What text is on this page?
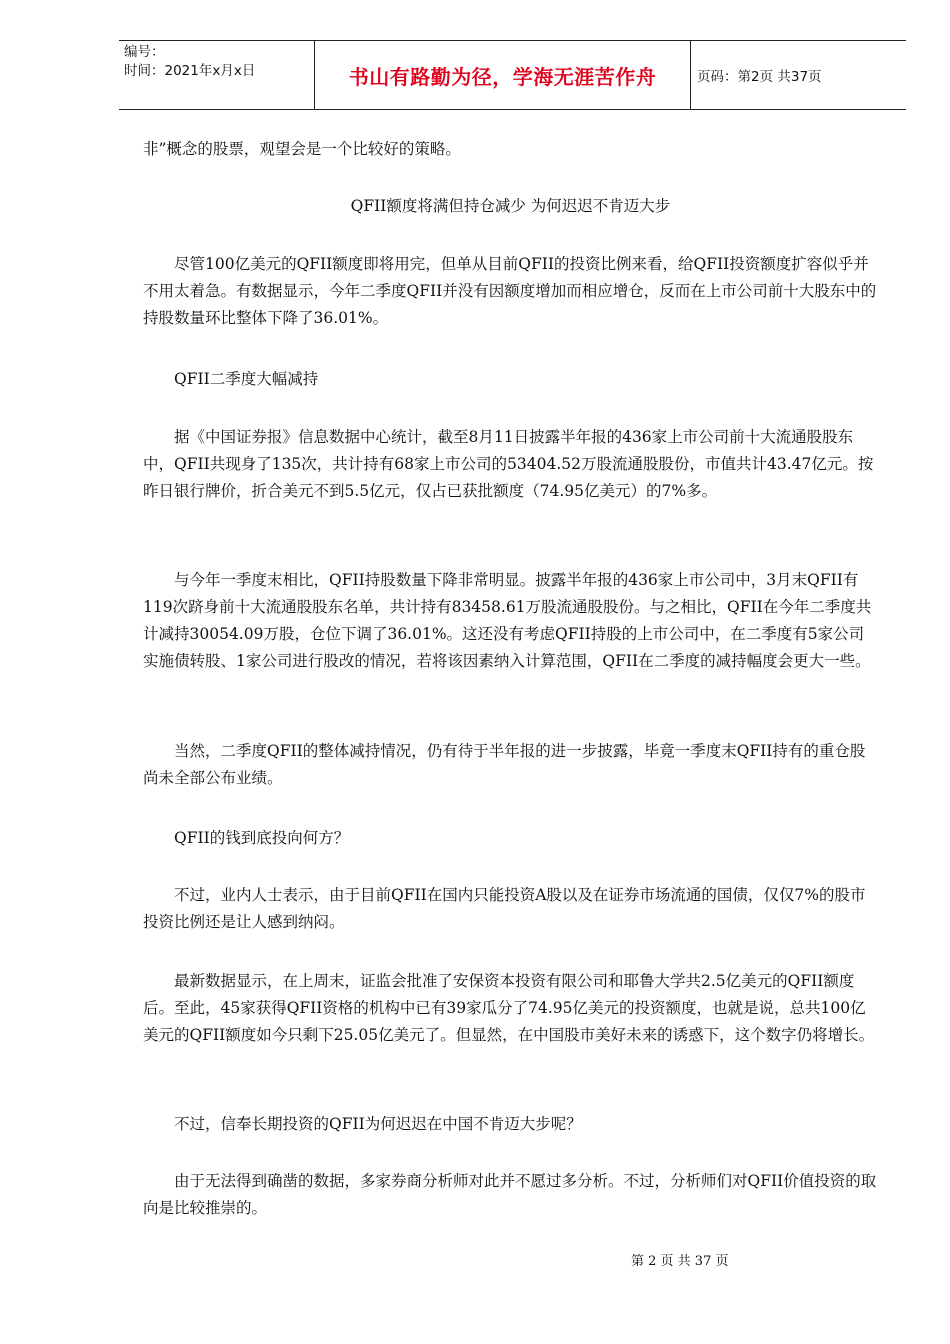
编号：
时间：2021年x月x日	书山有路勤为径，学海无涯苦作舟	页码：第2页 共37页

非”概念的股票，观望会是一个比较好的策略。

QFII额度将满但持仓减少 为何迟迟不肯迈大步

尽管100亿美元的QFII额度即将用完，但单从目前QFII的投资比例来看，给QFII投资额度扩容似乎并不用太着急。有数据显示，今年二季度QFII并没有因额度增加而相应增仓，反而在上市公司前十大股东中的持股数量环比整体下降了36.01%。

QFII二季度大幅减持

据《中国证券报》信息数据中心统计，截至8月11日披露半年报的436家上市公司前十大流通股股东中，QFII共现身了135次，共计持有68家上市公司的53404.52万股流通股股份，市值共计43.47亿元。按昨日银行牌价，折合美元不到5.5亿元，仅占已获批额度（74.95亿美元）的7%多。

与今年一季度末相比，QFII持股数量下降非常明显。披露半年报的436家上市公司中，3月末QFII有119次跻身前十大流通股股东名单，共计持有83458.61万股流通股股份。与之相比，QFII在今年二季度共计减持30054.09万股，仓位下调了36.01%。这还没有考虑QFII持股的上市公司中，在二季度有5家公司实施债转股、1家公司进行股改的情况，若将该因素纳入计算范围，QFII在二季度的减持幅度会更大一些。

当然，二季度QFII的整体减持情况，仍有待于半年报的进一步披露，毕竟一季度末QFII持有的重仓股尚未全部公布业绩。

QFII的钱到底投向何方？

不过，业内人士表示，由于目前QFII在国内只能投资A股以及在证券市场流通的国债，仅仅7%的股市投资比例还是让人感到纳闷。

最新数据显示，在上周末，证监会批准了安保资本投资有限公司和耶鲁大学共2.5亿美元的QFII额度后。至此，45家获得QFII资格的机构中已有39家瓜分了74.95亿美元的投资额度，也就是说，总共100亿美元的QFII额度如今只剩下25.05亿美元了。但显然，在中国股市美好未来的诱惑下，这个数字仍将增长。

不过，信奉长期投资的QFII为何迟迟在中国不肯迈大步呢？

由于无法得到确凿的数据，多家券商分析师对此并不愿过多分析。不过，分析师们对QFII价值投资的取向是比较推崇的。

第 2 页 共 37 页
